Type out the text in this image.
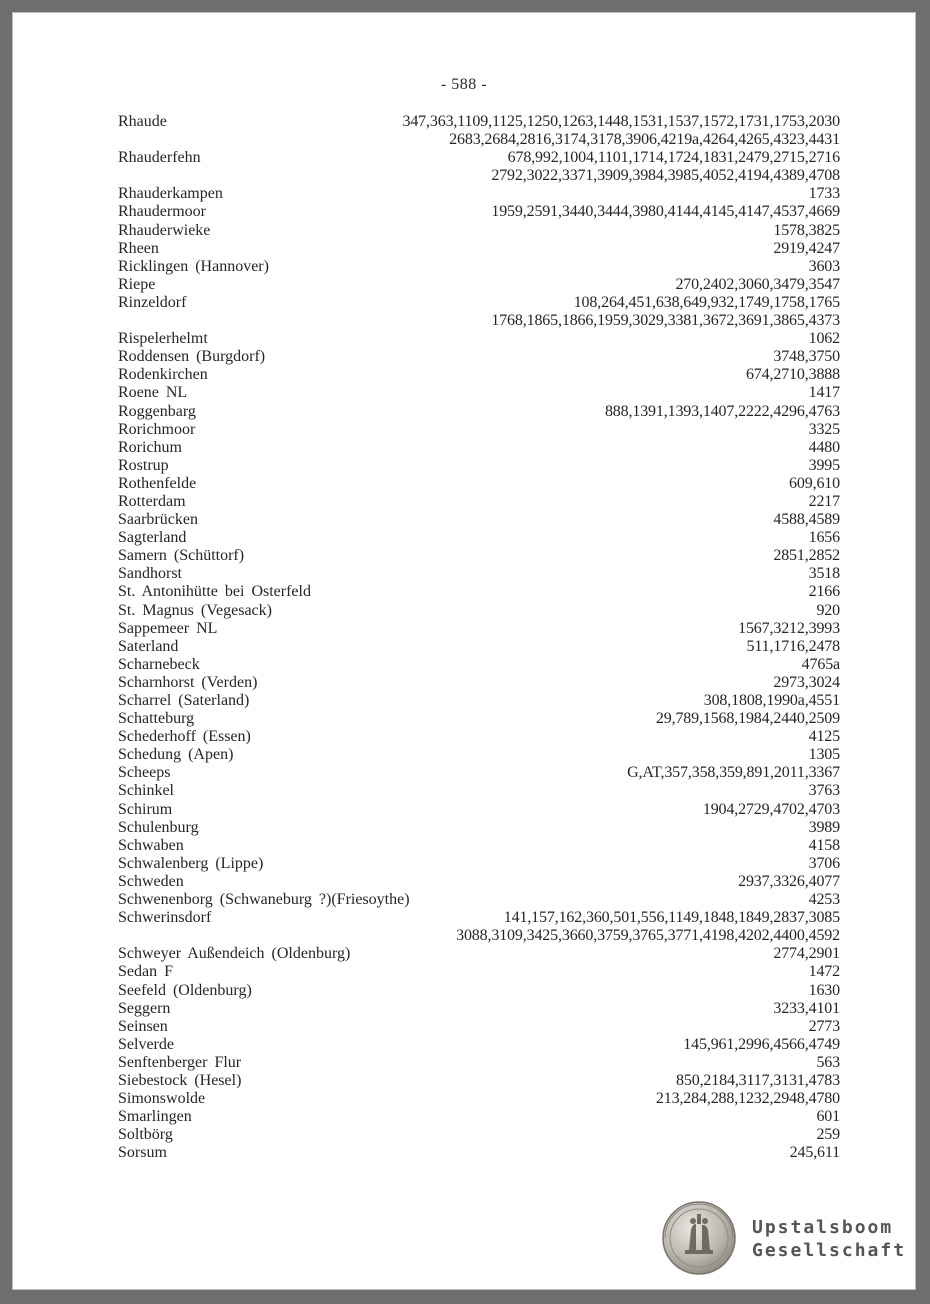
- 588 -
Rhaude	347,363,1109,1125,1250,1263,1448,1531,1537,1572,1731,1753,2030
2683,2684,2816,3174,3178,3906,4219a,4264,4265,4323,4431
Rhauderfehn	678,992,1004,1101,1714,1724,1831,2479,2715,2716
2792,3022,3371,3909,3984,3985,4052,4194,4389,4708
Rhauderkampen	1733
Rhaudermoor	1959,2591,3440,3444,3980,4144,4145,4147,4537,4669
Rhauderwieke	1578,3825
Rheen	2919,4247
Ricklingen (Hannover)	3603
Riepe	270,2402,3060,3479,3547
Rinzeldorf	108,264,451,638,649,932,1749,1758,1765
1768,1865,1866,1959,3029,3381,3672,3691,3865,4373
Rispelerhelmt	1062
Roddensen (Burgdorf)	3748,3750
Rodenkirchen	674,2710,3888
Roene NL	1417
Roggenbarg	888,1391,1393,1407,2222,4296,4763
Rorichmoor	3325
Rorichum	4480
Rostrup	3995
Rothenfelde	609,610
Rotterdam	2217
Saarbrücken	4588,4589
Sagterland	1656
Samern (Schüttorf)	2851,2852
Sandhorst	3518
St. Antonihütte bei Osterfeld	2166
St. Magnus (Vegesack)	920
Sappemeer NL	1567,3212,3993
Saterland	511,1716,2478
Scharnebeck	4765a
Scharnhorst (Verden)	2973,3024
Scharrel (Saterland)	308,1808,1990a,4551
Schatteburg	29,789,1568,1984,2440,2509
Schederhoff (Essen)	4125
Schedung (Apen)	1305
Scheeps	G,AT,357,358,359,891,2011,3367
Schinkel	3763
Schirum	1904,2729,4702,4703
Schulenburg	3989
Schwaben	4158
Schwalenberg (Lippe)	3706
Schweden	2937,3326,4077
Schwenenborg (Schwaneburg ?)(Friesoythe)	4253
Schwerinsdorf	141,157,162,360,501,556,1149,1848,1849,2837,3085
3088,3109,3425,3660,3759,3765,3771,4198,4202,4400,4592
Schweyer Außendeich (Oldenburg)	2774,2901
Sedan F	1472
Seefeld (Oldenburg)	1630
Seggern	3233,4101
Seinsen	2773
Selverde	145,961,2996,4566,4749
Senftenberger Flur	563
Siebestock (Hesel)	850,2184,3117,3131,4783
Simonswolde	213,284,288,1232,2948,4780
Smarlingen	601
Soltbörg	259
Sorsum	245,611
Upstalsboom
Gesellschaft
